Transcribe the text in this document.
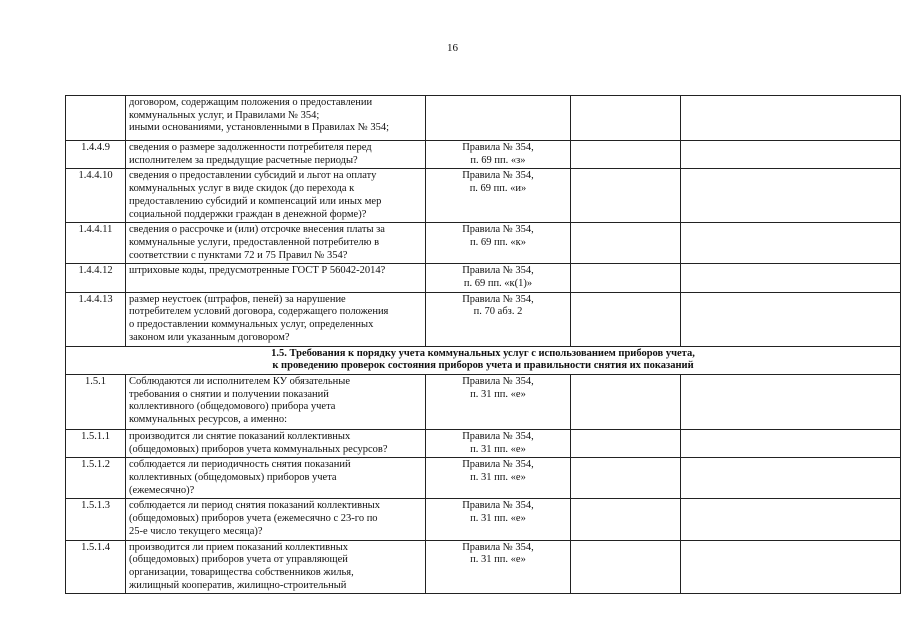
16

	договором, содержащим положения о предоставлении
коммунальных услуг, и Правилами № 354;
иными основаниями, установленными в Правилах № 354;			

1.4.4.9	сведения о размере задолженности потребителя перед
исполнителем за предыдущие расчетные периоды?	Правила № 354,
п. 69 пп. «з»		

1.4.4.10	сведения о предоставлении субсидий и льгот на оплату
коммунальных услуг в виде скидок (до перехода к
предоставлению субсидий и компенсаций или иных мер
социальной поддержки граждан в денежной форме)?	Правила № 354,
п. 69 пп. «и»		

1.4.4.11	сведения о рассрочке и (или) отсрочке внесения платы за
коммунальные услуги, предоставленной потребителю в
соответствии с пунктами 72 и 75 Правил № 354?	Правила № 354,
п. 69 пп. «к»		

1.4.4.12	штриховые коды, предусмотренные ГОСТ Р 56042-2014?	Правила № 354,
п. 69 пп. «к(1)»		

1.4.4.13	размер неустоек (штрафов, пеней) за нарушение
потребителем условий договора, содержащего положения
о предоставлении коммунальных услуг, определенных
законом или указанным договором?	Правила № 354,
п. 70 абз. 2		

1.5. Требования к порядку учета коммунальных услуг с использованием приборов учета,
к проведению проверок состояния приборов учета и правильности снятия их показаний				

1.5.1	Соблюдаются ли исполнителем КУ обязательные
требования о снятии и получении показаний
коллективного (общедомового) прибора учета
коммунальных ресурсов, а именно:	Правила № 354,
п. 31 пп. «е»		

1.5.1.1	производится ли снятие показаний коллективных
(общедомовых) приборов учета коммунальных ресурсов?	Правила № 354,
п. 31 пп. «е»		

1.5.1.2	соблюдается ли периодичность снятия показаний
коллективных (общедомовых) приборов учета
(ежемесячно)?	Правила № 354,
п. 31 пп. «е»		

1.5.1.3	соблюдается ли период снятия показаний коллективных
(общедомовых) приборов учета (ежемесячно с 23-го по
25-е число текущего месяца)?	Правила № 354,
п. 31 пп. «е»		

1.5.1.4	производится ли прием показаний коллективных
(общедомовых) приборов учета от управляющей
организации, товарищества собственников жилья,
жилищный кооператив, жилищно-строительный	Правила № 354,
п. 31 пп. «е»		
